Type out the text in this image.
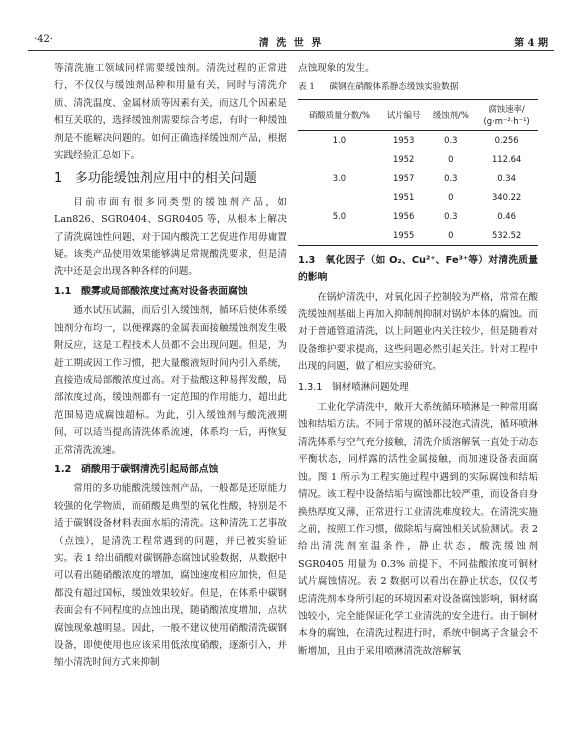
·42·	清 洗 世 界	第 4 期

等清洗施工领域同样需要缓蚀剂。清洗过程的正常进行，不仅仅与缓蚀剂品种和用量有关，同时与清洗介质、清洗温度、金属材质等因素有关，而这几个因素是相互关联的，选择缓蚀剂需要综合考虑，有时一种缓蚀剂是不能解决问题的。如何正确选择缓蚀剂产品，根据实践经验汇总如下。

1 多功能缓蚀剂应用中的相关问题

目前市面有很多同类型的缓蚀剂产品，如Lan826、SGR0404、SGR0405 等，从根本上解决了清洗腐蚀性问题，对于国内酸洗工艺促进作用毋庸置疑。该类产品使用效果能够满足常规酸洗要求，但是清洗中还是会出现各种各样的问题。

1.1　酸雾或局部酸浓度过高对设备表面腐蚀

通水试压试漏，而后引入缓蚀剂，循环后使体系缓蚀剂分布均一，以便裸露的金属表面接触缓蚀剂发生吸附反应，这是工程技术人员都不会出现问题。但是，为赶工期或因工作习惯，把大量酸液短时间内引入系统，直接造成局部酸浓度过高。对于盐酸这种易挥发酸，局部浓度过高，缓蚀剂都有一定范围的作用能力，超出此范围易造成腐蚀超标。为此，引入缓蚀剂与酸洗液期间，可以适当提高清洗体系流速，体系均一后，再恢复正常清洗流速。

1.2　硝酸用于碳钢清洗引起局部点蚀

常用的多功能酸洗缓蚀剂产品，一般都是还原能力较强的化学物质，而硝酸是典型的氧化性酸，特别是不适于碳钢设备材料表面水垢的清洗。这种清洗工艺事故（点蚀），是清洗工程常遇到的问题，并已被实验证实。表 1 给出硝酸对碳钢静态腐蚀试验数据，从数据中可以看出随硝酸浓度的增加，腐蚀速度相应加快，但是都没有超过国标，缓蚀效果较好。但是，在体系中碳钢表面会有不同程度的点蚀出现，随硝酸浓度增加，点状腐蚀现象越明显。因此，一般不建议使用硝酸清洗碳钢设备，即使使用也应该采用低浓度硝酸，逐渐引入，并缩小清洗时间方式来抑制

点蚀现象的发生。

表 1 碳钢在硝酸体系静态缓蚀实验数据
硝酸质量分数/%	试片编号	缓蚀剂/%	腐蚀速率/
(g·m⁻²·h⁻¹)
1.0	1953	0.3	0.256
	1952	0	112.64
3.0	1957	0.3	0.34
	1951	0	340.22
5.0	1956	0.3	0.46
	1955	0	532.52
1.3　氧化因子（如 O₂、Cu²⁺、Fe³⁺等）对清洗质量的影响

在锅炉清洗中，对氧化因子控制较为严格，常常在酸洗缓蚀剂基础上再加入抑制剂抑制对锅炉本体的腐蚀。而对于普通管道清洗，以上问题业内关注较少，但是随着对设备维护要求提高，这些问题必然引起关注。针对工程中出现的问题，做了相应实验研究。

1.3.1　铜材喷淋问题处理

工业化学清洗中，敞开大系统循环喷淋是一种常用腐蚀和结垢方法。不同于常规的循环浸泡式清洗，循环喷淋清洗体系与空气充分接触，清洗介质溶解氧一直处于动态平衡状态，同样露的活性金属接触，而加速设备表面腐蚀。图 1 所示为工程实施过程中遇到的实际腐蚀和结垢情况。该工程中设备结垢与腐蚀都比较严重，而设备自身换热厚度又薄，正常进行工业清洗难度较大。在清洗实施之前，按照工作习惯，做除垢与腐蚀相关试验测试。表 2 给出清洗剂室温条件，静止状态，酸洗缓蚀剂 SGR0405 用量为 0.3% 前提下，不同盐酸浓度可铜材试片腐蚀情况。表 2 数据可以看出在静止状态，仅仅考虑清洗剂本身所引起的环境因素对设备腐蚀影响，铜材腐蚀较小，完全能保证化学工业清洗的安全进行。由于铜材本身的腐蚀，在清洗过程进行时，系统中铜离子含量会不断增加，且由于采用喷淋清洗故溶解氧
